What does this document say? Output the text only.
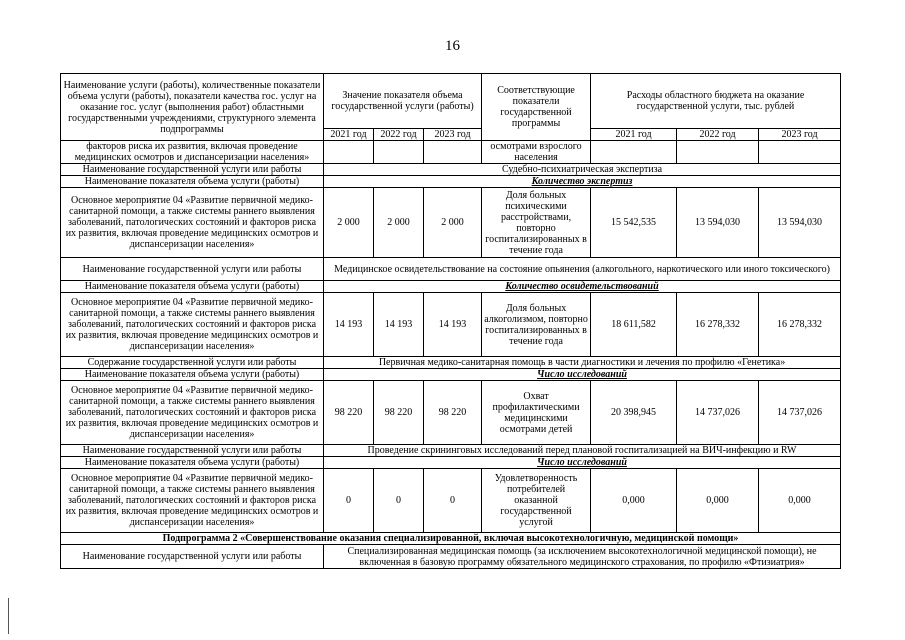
16
Наименование услуги (работы), количественные показатели объема услуги (работы), показатели качества гос. услуг на оказание гос. услуг (выполнения работ) областными государственными учреждениями, структурного элемента подпрограммы	Значение показателя объема государственной услуги (работы)			Соответствующие показатели государственной программы	Расходы областного бюджета на оказание государственной услуги, тыс. рублей		
	2021 год	2022 год	2023 год		2021 год	2022 год	2023 год
факторов риска их развития, включая проведение медицинских осмотров и диспансеризации населения»				осмотрами взрослого населения			
Наименование государственной услуги или работы	Судебно-психиатрическая экспертиза						
Наименование показателя объема услуги (работы)	Количество экспертиз						
Основное мероприятие 04 «Развитие первичной медико-санитарной помощи, а также системы раннего выявления заболеваний, патологических состояний и факторов риска их развития, включая проведение медицинских осмотров и диспансеризации населения»	2 000	2 000	2 000	Доля больных психическими расстройствами, повторно госпитализированных в течение года	15 542,535	13 594,030	13 594,030
Наименование государственной услуги или работы	Медицинское освидетельствование на состояние опьянения (алкогольного, наркотического или иного токсического)						
Наименование показателя объема услуги (работы)	Количество освидетельствований						
Основное мероприятие 04 «Развитие первичной медико-санитарной помощи, а также системы раннего выявления заболеваний, патологических состояний и факторов риска их развития, включая проведение медицинских осмотров и диспансеризации населения»	14 193	14 193	14 193	Доля больных алкоголизмом, повторно госпитализированных в течение года	18 611,582	16 278,332	16 278,332
Содержание государственной услуги или работы	Первичная медико-санитарная помощь в части диагностики и лечения по профилю «Генетика»						
Наименование показателя объема услуги (работы)	Число исследований						
Основное мероприятие 04 «Развитие первичной медико-санитарной помощи, а также системы раннего выявления заболеваний, патологических состояний и факторов риска их развития, включая проведение медицинских осмотров и диспансеризации населения»	98 220	98 220	98 220	Охват профилактическими медицинскими осмотрами детей	20 398,945	14 737,026	14 737,026
Наименование государственной услуги или работы	Проведение скрининговых исследований перед плановой госпитализацией на ВИЧ-инфекцию и RW						
Наименование показателя объема услуги (работы)	Число исследований						
Основное мероприятие 04 «Развитие первичной медико-санитарной помощи, а также системы раннего выявления заболеваний, патологических состояний и факторов риска их развития, включая проведение медицинских осмотров и диспансеризации населения»	0	0	0	Удовлетворенность потребителей оказанной государственной услугой	0,000	0,000	0,000
Подпрограмма 2 «Совершенствование оказания специализированной, включая высокотехнологичную, медицинской помощи»							
Наименование государственной услуги или работы	Специализированная медицинская помощь (за исключением высокотехнологичной медицинской помощи), не включенная в базовую программу обязательного медицинского страхования, по профилю «Фтизиатрия»						
